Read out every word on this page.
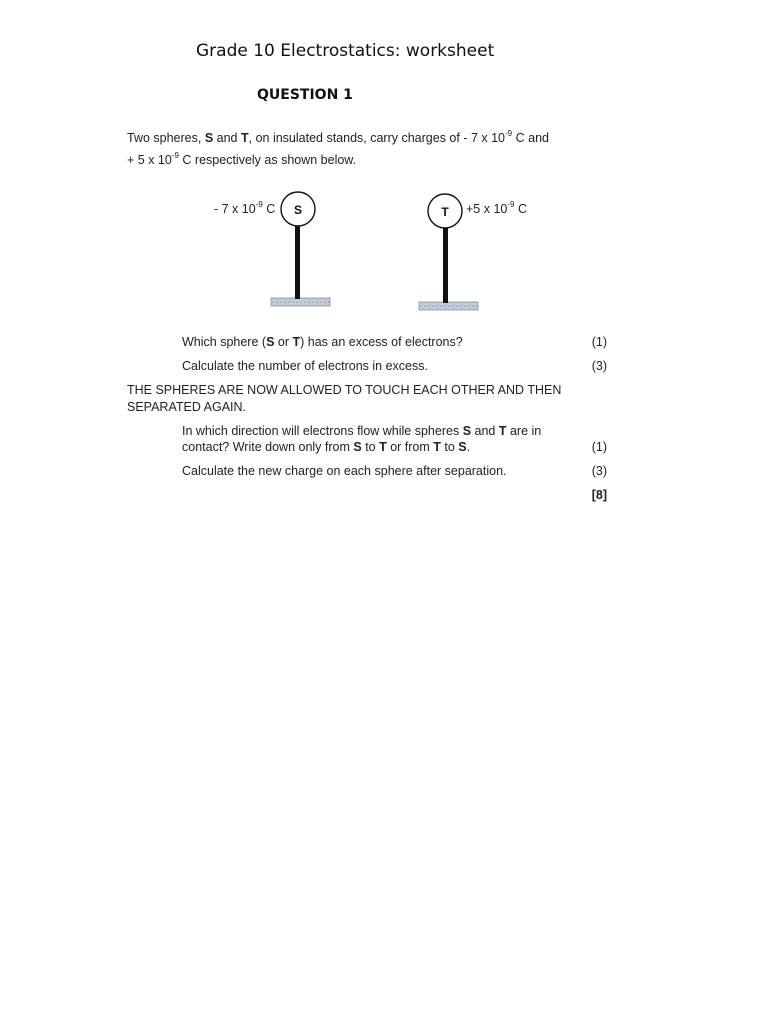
Grade 10 Electrostatics: worksheet
QUESTION 1
Two spheres, S and T, on insulated stands, carry charges of - 7 x $10^{-9}$ C and
+ 5 x $10^{-9}$ C respectively as shown below.
S	T
- 7 x $10^{-9}$ C	+5 x $10^{-9}$ C
Which sphere (S or T) has an excess of electrons?	(1)
Calculate the number of electrons in excess.	(3)
THE SPHERES ARE NOW ALLOWED TO TOUCH EACH OTHER AND THEN
SEPARATED AGAIN.
In which direction will electrons flow while spheres S and T are in
contact? Write down only from S to T or from T to S.	(1)
Calculate the new charge on each sphere after separation.	(3)
[8]
